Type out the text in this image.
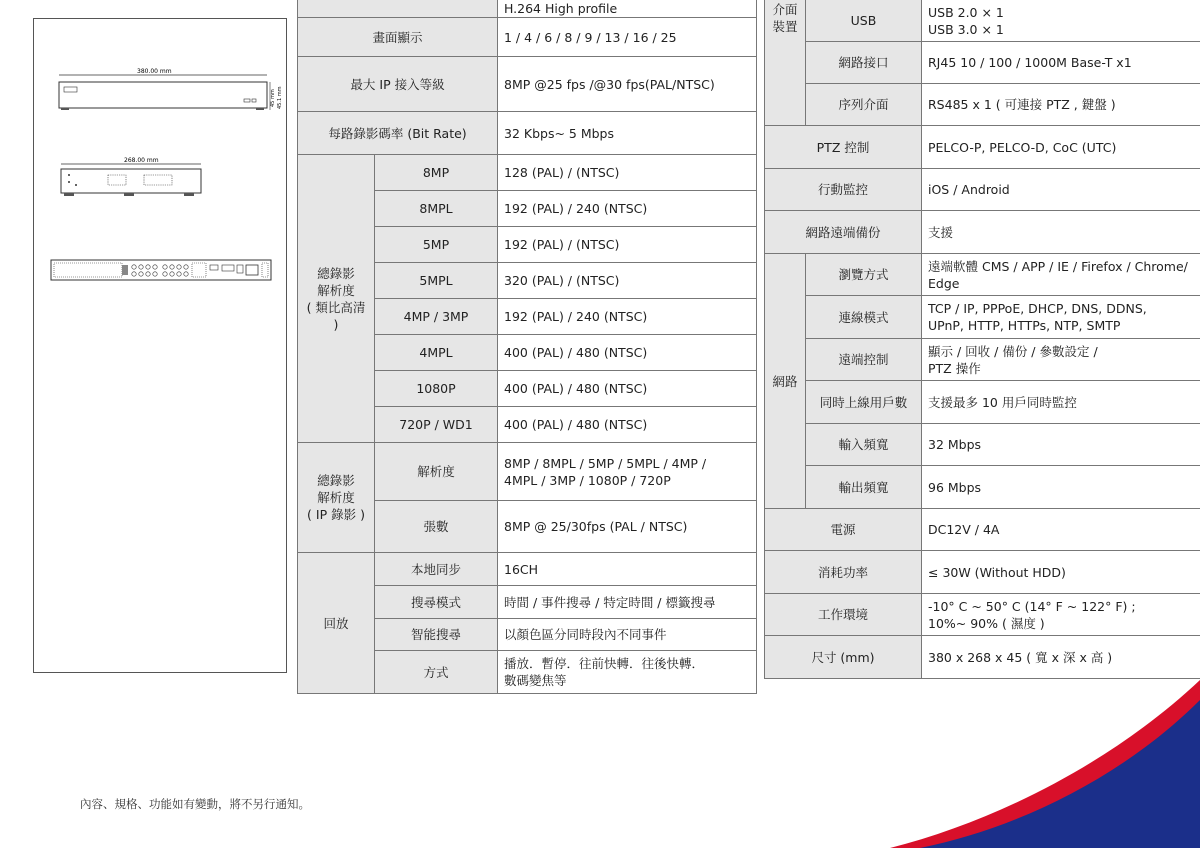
380.00 mm
45 mm 45.1 mm
268.00 mm
		H.264 High profile
畫面顯示		1 / 4 / 6 / 8 / 9 / 13 / 16 / 25
最大 IP 接入等級		8MP @25 fps /@30 fps(PAL/NTSC)
每路錄影碼率 (Bit Rate)		32 Kbps~ 5 Mbps
總錄影
解析度
( 類比高清 )	8MP	128 (PAL) / (NTSC)
	8MPL	192 (PAL) / 240 (NTSC)
	5MP	192 (PAL) / (NTSC)
	5MPL	320 (PAL) / (NTSC)
	4MP / 3MP	192 (PAL) / 240 (NTSC)
	4MPL	400 (PAL) / 480 (NTSC)
	1080P	400 (PAL) / 480 (NTSC)
	720P / WD1	400 (PAL) / 480 (NTSC)
總錄影
解析度
( IP 錄影 )	解析度	8MP / 8MPL / 5MP / 5MPL / 4MP /
4MPL / 3MP / 1080P / 720P
	張數	8MP @ 25/30fps (PAL / NTSC)
回放	本地同步	16CH
	搜尋模式	時間 / 事件搜尋 / 特定時間 / 標籤搜尋
	智能搜尋	以顏色區分同時段內不同事件
	方式	播放．暫停．往前快轉．往後快轉．
數碼變焦等
介面
裝置	USB	USB 2.0 × 1
USB 3.0 × 1
	網路接口	RJ45 10 / 100 / 1000M Base-T x1
	序列介面	RS485 x 1 ( 可連接 PTZ , 鍵盤 )
PTZ 控制		PELCO-P, PELCO-D, CoC (UTC)
行動監控		iOS / Android
網路遠端備份		支援
網路	瀏覽方式	遠端軟體 CMS / APP / IE / Firefox / Chrome/
Edge
	連線模式	TCP / IP, PPPoE, DHCP, DNS, DDNS,
UPnP, HTTP, HTTPs, NTP, SMTP
	遠端控制	顯示 / 回收 / 備份 / 參數設定 /
PTZ 操作
	同時上線用戶數	支援最多 10 用戶同時監控
	輸入頻寬	32 Mbps
	輸出頻寬	96 Mbps
電源		DC12V / 4A
消耗功率		≤ 30W (Without HDD)
工作環境		-10° C ~ 50° C (14° F ~ 122° F) ;
10%~ 90% ( 濕度 )
尺寸 (mm)		380 x 268 x 45 ( 寬 x 深 x 高 )
內容、規格、功能如有變動，將不另行通知。
